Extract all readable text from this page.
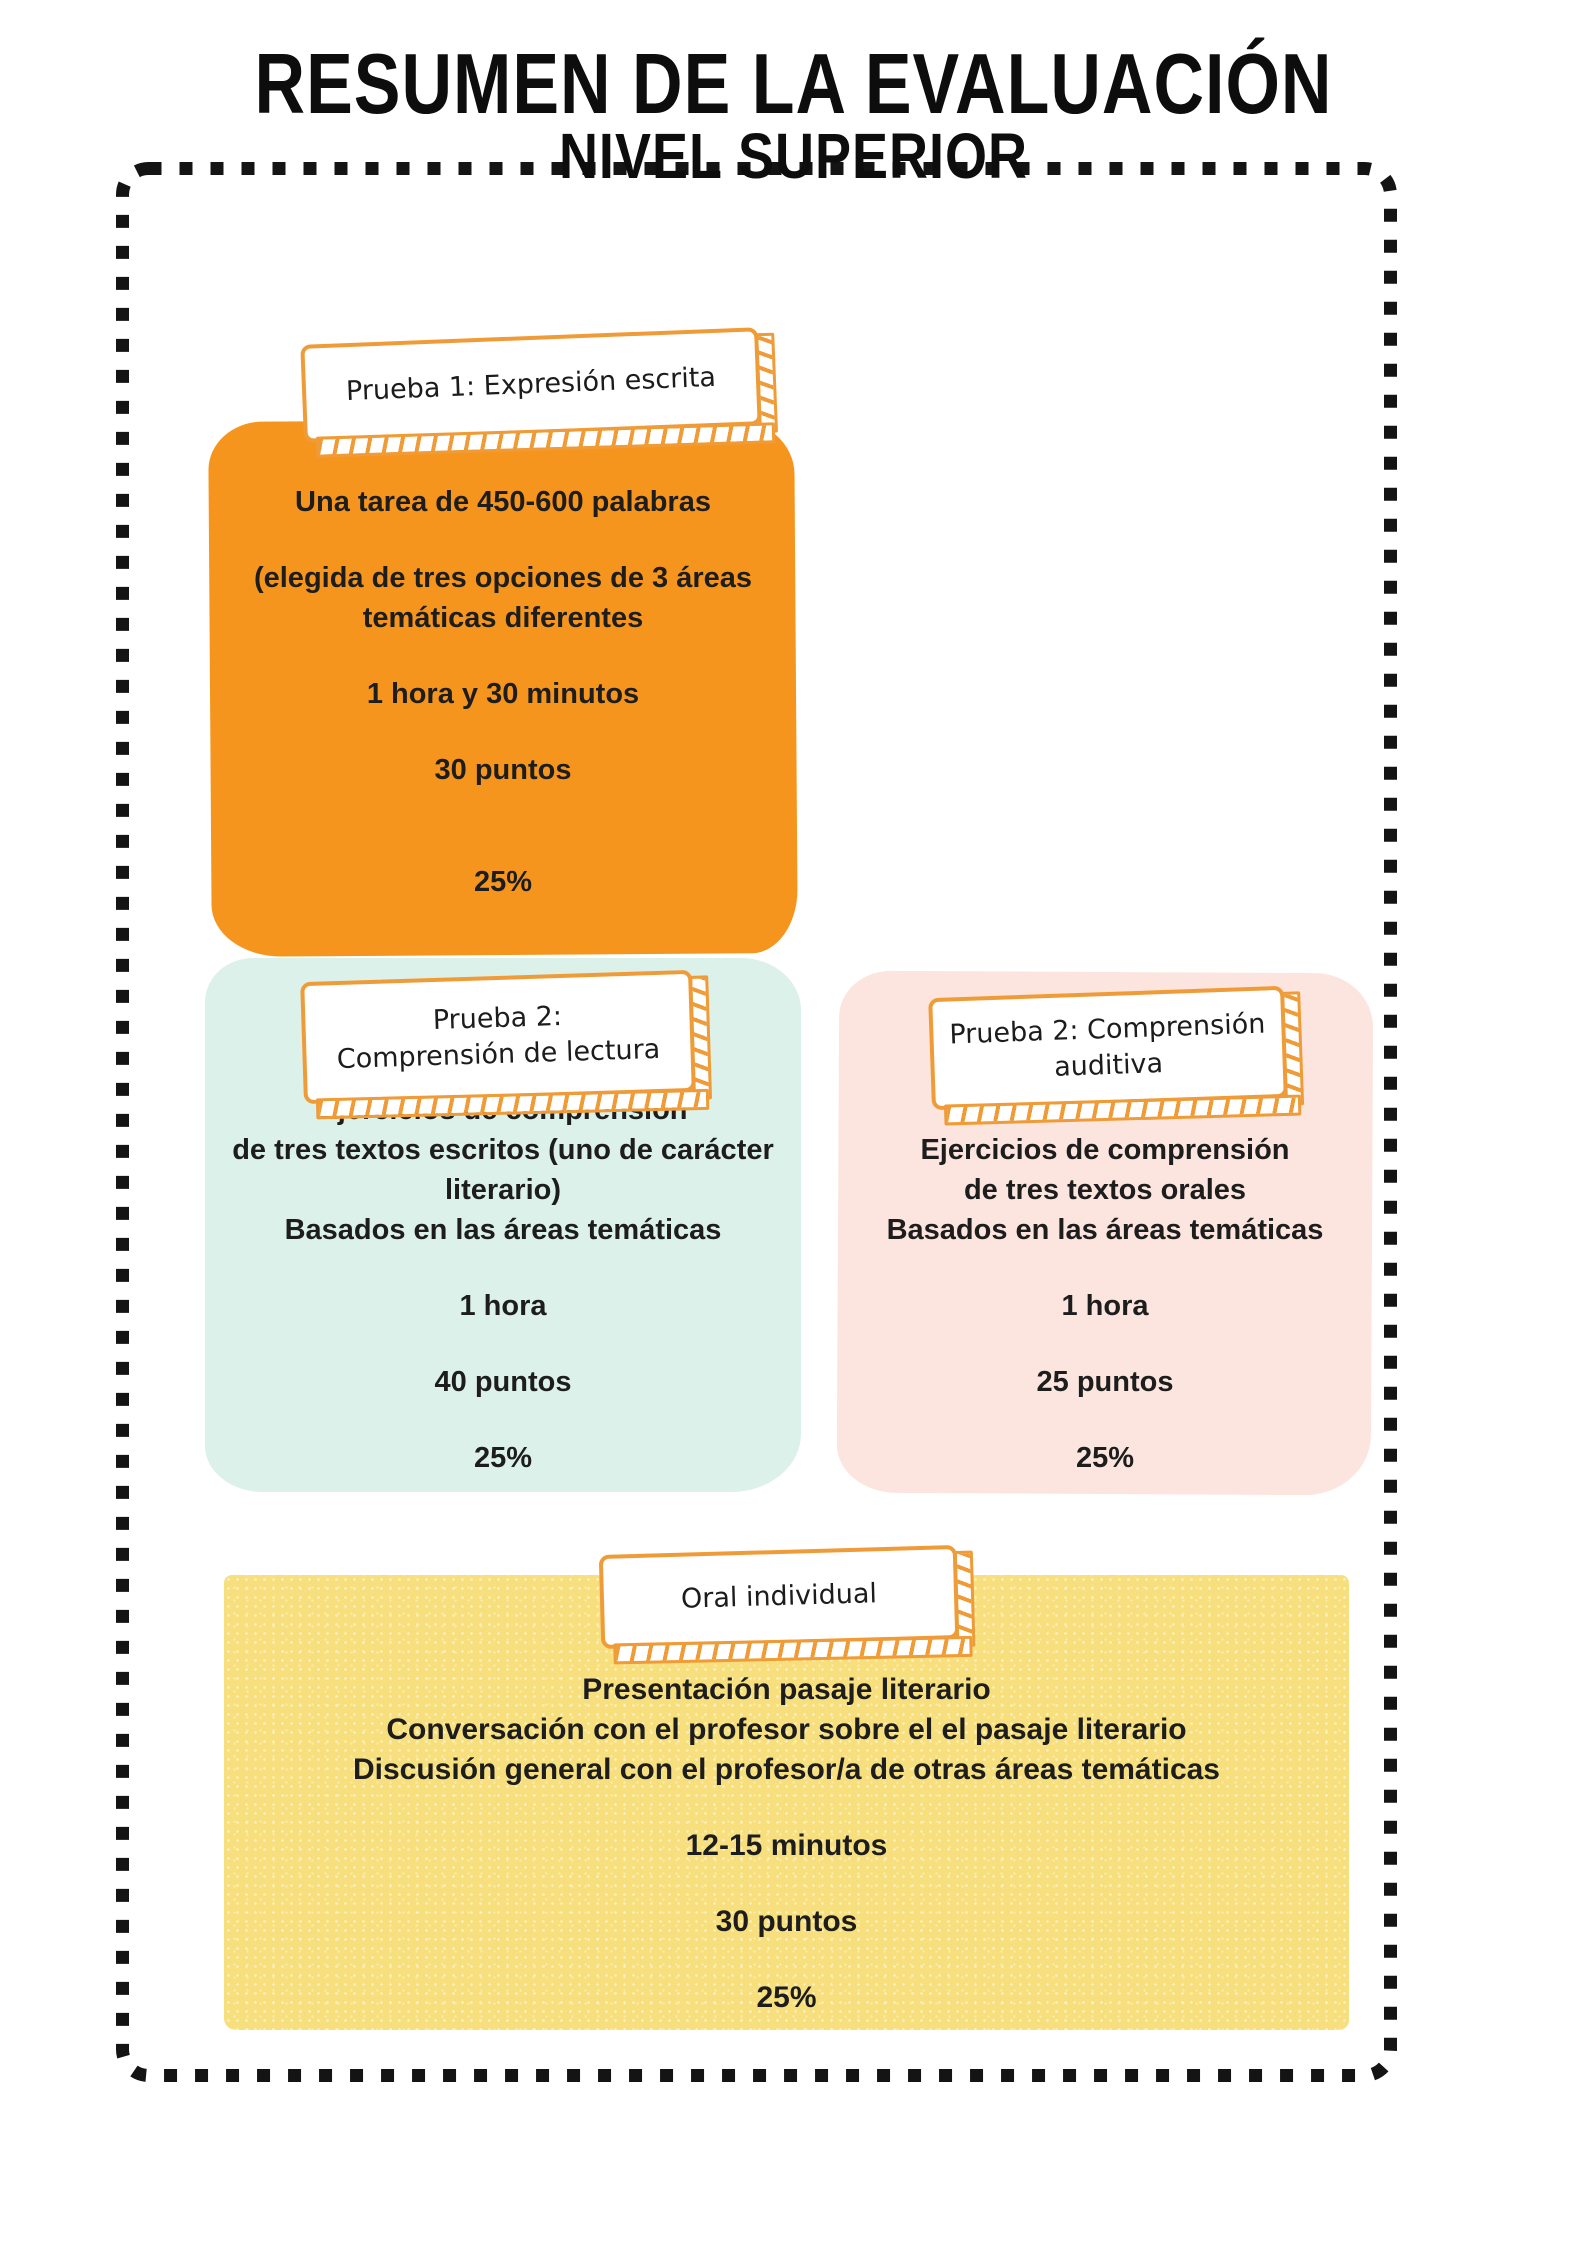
RESUMEN DE LA EVALUACIÓN
NIVEL SUPERIOR

Prueba 1: Expresión escrita

Una tarea de 450-600 palabras

(elegida de tres opciones de 3 áreas

temáticas diferentes

1 hora y 30 minutos

30 puntos

25%

Prueba 2:

Comprensión de lectura

de tres textos escritos (uno de carácter

literario)

Basados en las áreas temáticas

1 hora

40 puntos

25%

Prueba 2: Comprensión

auditiva

Ejercicios de comprensión

de tres textos orales

Basados en las áreas temáticas

1 hora

25 puntos

25%

Oral individual

Presentación pasaje literario

Conversación con el profesor sobre el el pasaje literario

Discusión general con el profesor/a de otras áreas temáticas

12-15 minutos

30 puntos

25%
